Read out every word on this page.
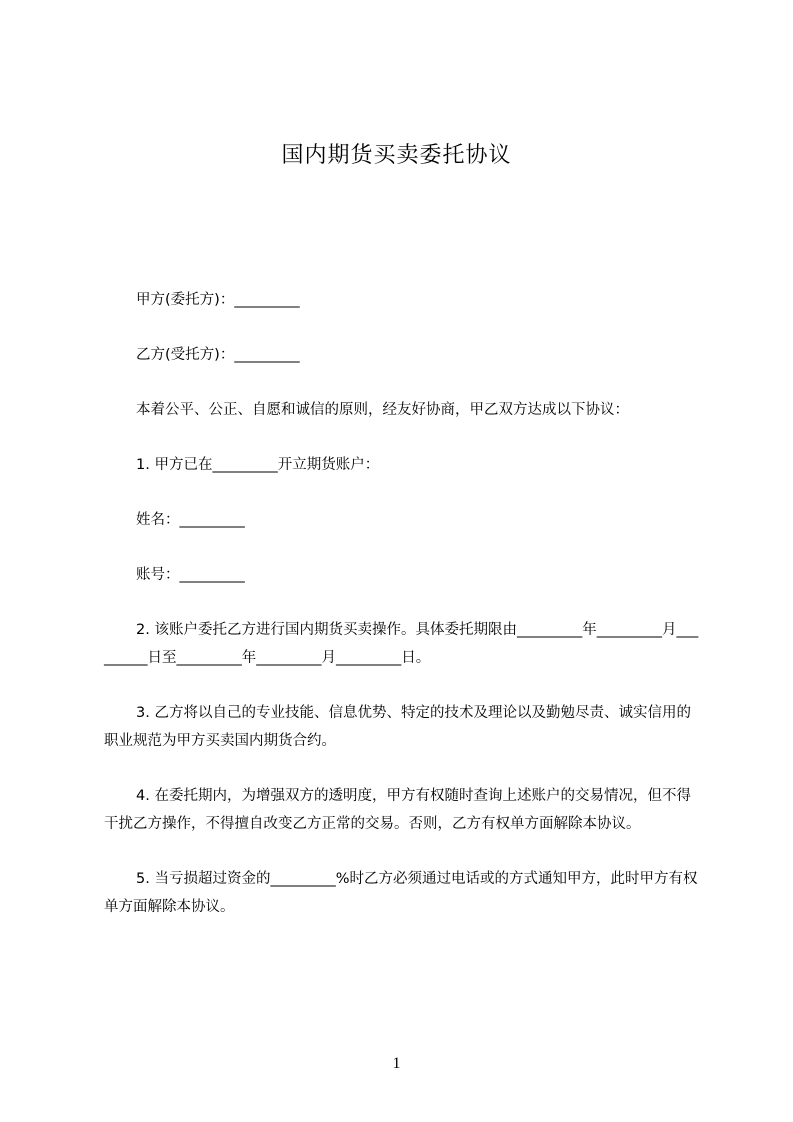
国内期货买卖委托协议

甲方(委托方)：_________

乙方(受托方)：_________

本着公平、公正、自愿和诚信的原则，经友好协商，甲乙双方达成以下协议：

1. 甲方已在_________开立期货账户：

姓名：_________

账号：_________

2. 该账户委托乙方进行国内期货买卖操作。具体委托期限由_________年_________月_________日至_________年_________月_________日。

3. 乙方将以自己的专业技能、信息优势、特定的技术及理论以及勤勉尽责、诚实信用的职业规范为甲方买卖国内期货合约。

4. 在委托期内，为增强双方的透明度，甲方有权随时查询上述账户的交易情况，但不得干扰乙方操作，不得擅自改变乙方正常的交易。否则，乙方有权单方面解除本协议。

5. 当亏损超过资金的_________%时乙方必须通过电话或的方式通知甲方，此时甲方有权单方面解除本协议。

1
